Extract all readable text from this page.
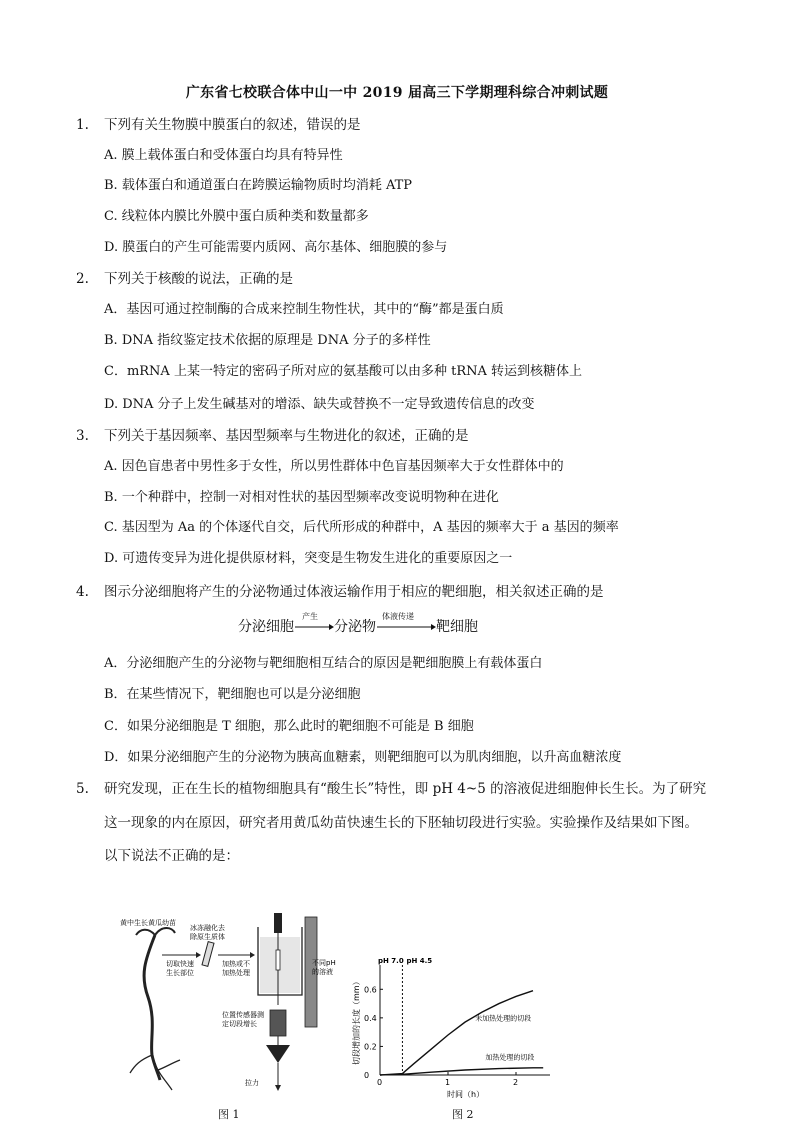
广东省七校联合体中山一中 2019 届高三下学期理科综合冲刺试题
1. 下列有关生物膜中膜蛋白的叙述，错误的是
A. 膜上载体蛋白和受体蛋白均具有特异性
B. 载体蛋白和通道蛋白在跨膜运输物质时均消耗 ATP
C. 线粒体内膜比外膜中蛋白质种类和数量都多
D. 膜蛋白的产生可能需要内质网、高尔基体、细胞膜的参与
2. 下列关于核酸的说法，正确的是
A．基因可通过控制酶的合成来控制生物性状，其中的“酶”都是蛋白质
B. DNA 指纹鉴定技术依据的原理是 DNA 分子的多样性
C．mRNA 上某一特定的密码子所对应的氨基酸可以由多种 tRNA 转运到核糖体上
D. DNA 分子上发生碱基对的增添、缺失或替换不一定导致遗传信息的改变
3. 下列关于基因频率、基因型频率与生物进化的叙述，正确的是
A. 因色盲患者中男性多于女性，所以男性群体中色盲基因频率大于女性群体中的
B. 一个种群中，控制一对相对性状的基因型频率改变说明物种在进化
C. 基因型为 Aa 的个体逐代自交，后代所形成的种群中，A 基因的频率大于 a 基因的频率
D. 可遗传变异为进化提供原材料，突变是生物发生进化的重要原因之一
4. 图示分泌细胞将产生的分泌物通过体液运输作用于相应的靶细胞，相关叙述正确的是
分泌细胞
产生
分泌物
体液传递
靶细胞
A．分泌细胞产生的分泌物与靶细胞相互结合的原因是靶细胞膜上有载体蛋白
B．在某些情况下，靶细胞也可以是分泌细胞
C．如果分泌细胞是 T 细胞，那么此时的靶细胞不可能是 B 细胞
D．如果分泌细胞产生的分泌物为胰高血糖素，则靶细胞可以为肌肉细胞，以升高血糖浓度
5. 研究发现，正在生长的植物细胞具有“酸生长”特性，即 pH 4~5 的溶液促进细胞伸长生长。为了研究
这一现象的内在原因，研究者用黄瓜幼苗快速生长的下胚轴切段进行实验。实验操作及结果如下图。
以下说法不正确的是：
黄中生长黄瓜幼苗
切取快速
生长部位
冰冻融化去
除原生质体
加热或不
加热处理
不同pH
的溶液
位置传感器测
定切段增长
拉力
图 1
0	1	2
0
0.2
0.4
0.6
pH 7.0 pH 4.5
未加热处理的切段
加热处理的切段
时间（h）
切段增加的长度（mm）
图 2
